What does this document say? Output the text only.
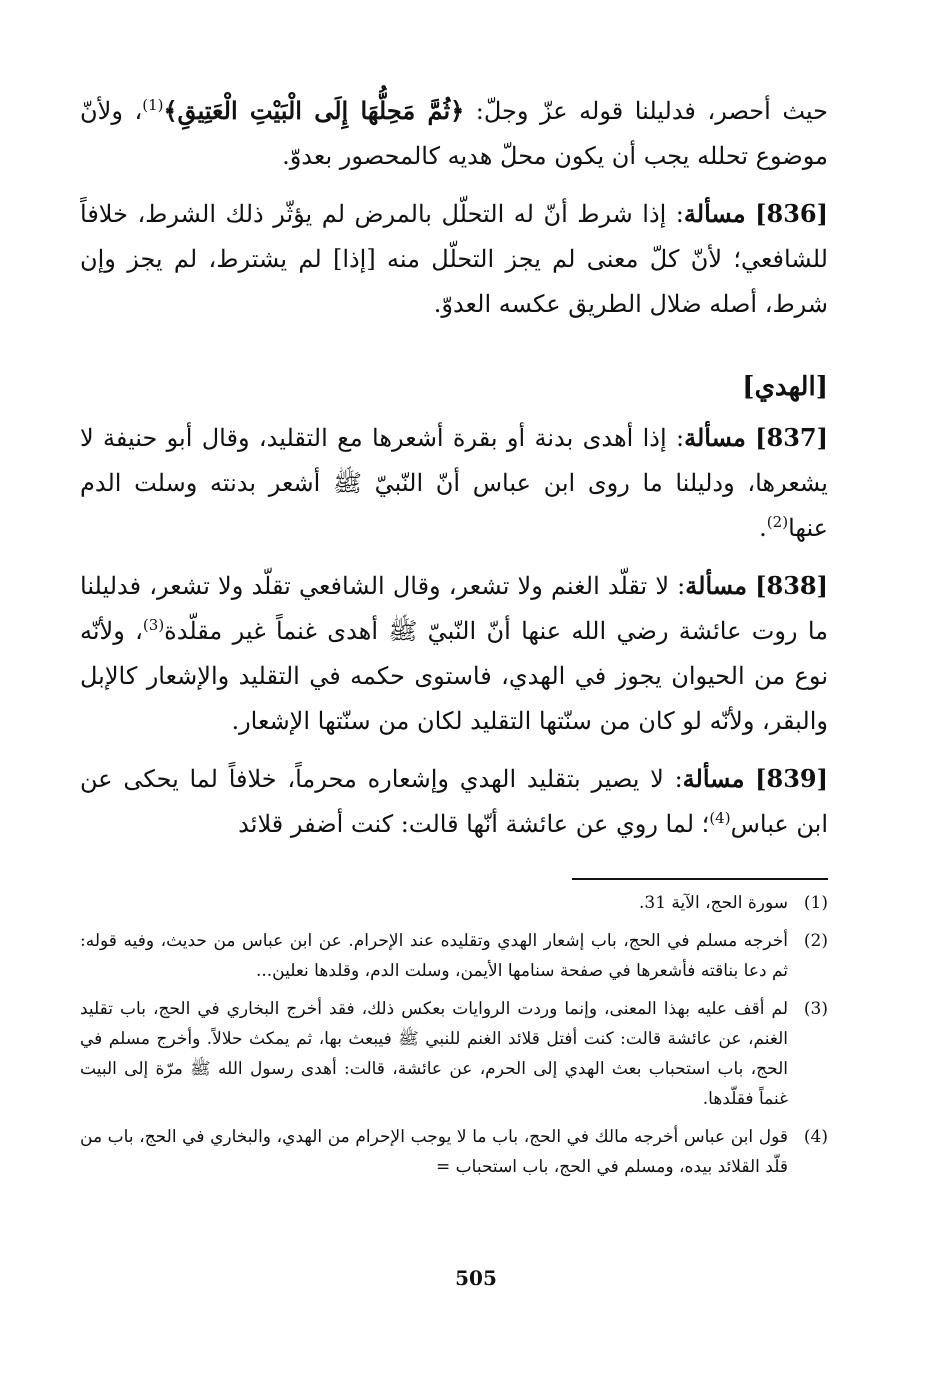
حيث أحصر، فدليلنا قوله عزّ وجلّ: ﴿ثُمَّ مَحِلُّهَا إِلَى الْبَيْتِ الْعَتِيقِ﴾$^{(1)}$، ولأنّ موضوع تحلله يجب أن يكون محلّ هديه كالمحصور بعدوّ.

[836] مسألة: إذا شرط أنّ له التحلّل بالمرض لم يؤثّر ذلك الشرط، خلافاً للشافعي؛ لأنّ كلّ معنى لم يجز التحلّل منه [إذا] لم يشترط، لم يجز وإن شرط، أصله ضلال الطريق عكسه العدوّ.

[الهدي]

[837] مسألة: إذا أهدى بدنة أو بقرة أشعرها مع التقليد، وقال أبو حنيفة لا يشعرها، ودليلنا ما روى ابن عباس أنّ النّبيّ ﷺ أشعر بدنته وسلت الدم عنها$^{(2)}$.

[838] مسألة: لا تقلّد الغنم ولا تشعر، وقال الشافعي تقلّد ولا تشعر، فدليلنا ما روت عائشة رضي الله عنها أنّ النّبيّ ﷺ أهدى غنماً غير مقلّدة$^{(3)}$، ولأنّه نوع من الحيوان يجوز في الهدي، فاستوى حكمه في التقليد والإشعار كالإبل والبقر، ولأنّه لو كان من سنّتها التقليد لكان من سنّتها الإشعار.

[839] مسألة: لا يصير بتقليد الهدي وإشعاره محرماً، خلافاً لما يحكى عن ابن عباس$^{(4)}$؛ لما روي عن عائشة أنّها قالت: كنت أضفر قلائد

(1)
سورة الحج، الآية 31.
(2)
أخرجه مسلم في الحج، باب إشعار الهدي وتقليده عند الإحرام. عن ابن عباس من حديث، وفيه قوله: ثم دعا بناقته فأشعرها في صفحة سنامها الأيمن، وسلت الدم، وقلدها نعلين...
(3)
لم أقف عليه بهذا المعنى، وإنما وردت الروايات بعكس ذلك، فقد أخرج البخاري في الحج، باب تقليد الغنم، عن عائشة قالت: كنت أفتل قلائد الغنم للنبي ﷺ فيبعث بها، ثم يمكث حلالاً. وأخرج مسلم في الحج، باب استحباب بعث الهدي إلى الحرم، عن عائشة، قالت: أهدى رسول الله ﷺ مرّة إلى البيت غنماً فقلّدها.
(4)
قول ابن عباس أخرجه مالك في الحج، باب ما لا يوجب الإحرام من الهدي، والبخاري في الحج، باب من قلّد القلائد بيده، ومسلم في الحج، باب استحباب =
505
